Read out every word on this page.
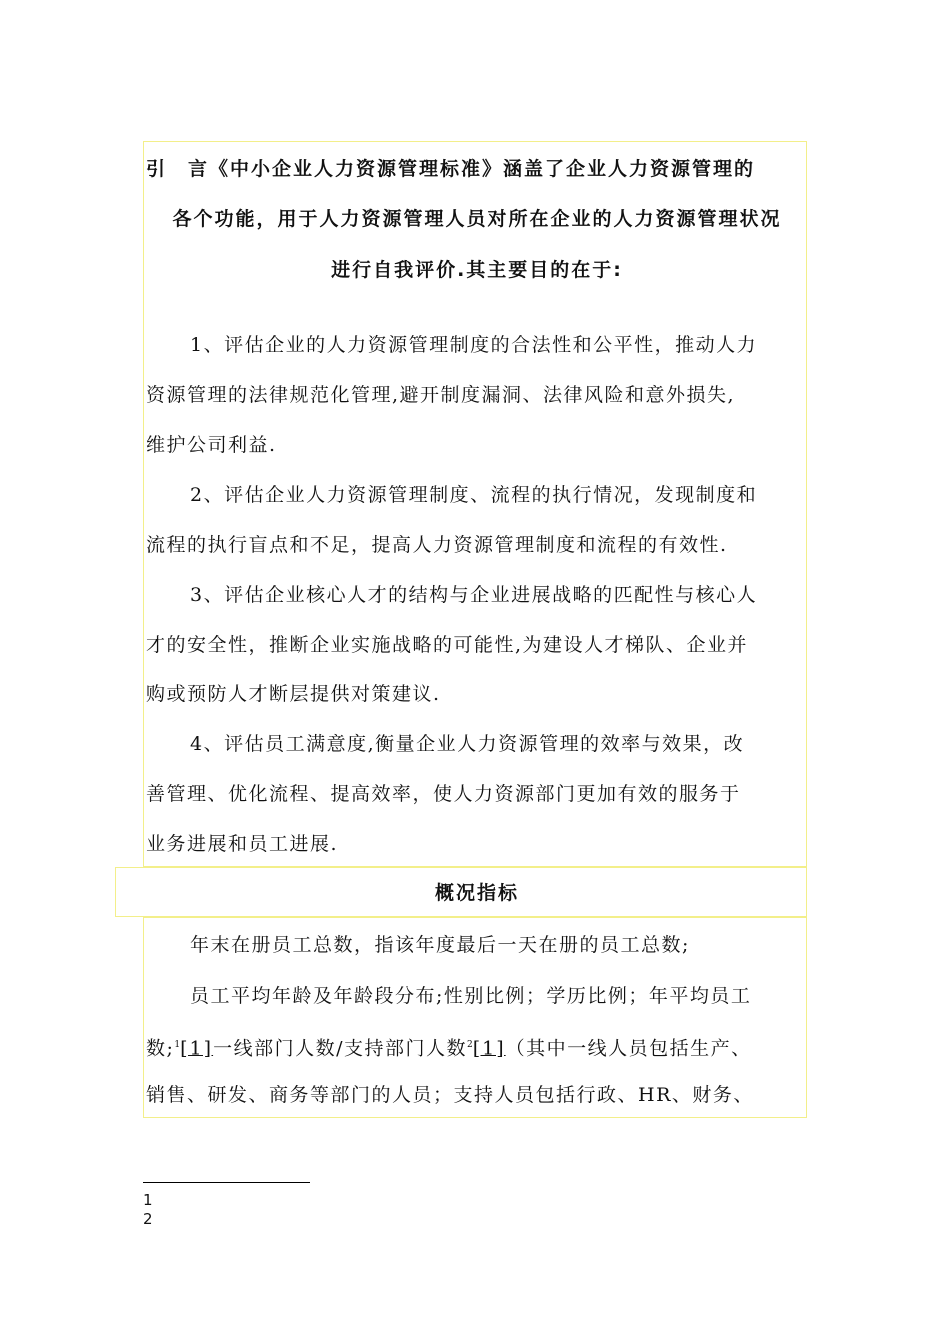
引　言《中小企业人力资源管理标准》涵盖了企业人力资源管理的
各个功能，用于人力资源管理人员对所在企业的人力资源管理状况
进行自我评价.其主要目的在于:
1、评估企业的人力资源管理制度的合法性和公平性，推动人力
资源管理的法律规范化管理,避开制度漏洞、法律风险和意外损失,
维护公司利益.
2、评估企业人力资源管理制度、流程的执行情况，发现制度和
流程的执行盲点和不足，提高人力资源管理制度和流程的有效性.
3、评估企业核心人才的结构与企业进展战略的匹配性与核心人
才的安全性，推断企业实施战略的可能性,为建设人才梯队、企业并
购或预防人才断层提供对策建议.
4、评估员工满意度,衡量企业人力资源管理的效率与效果，改
善管理、优化流程、提高效率，使人力资源部门更加有效的服务于
业务进展和员工进展.
概况指标
年末在册员工总数，指该年度最后一天在册的员工总数;
员工平均年龄及年龄段分布;性别比例；学历比例；年平均员工
数;$^1$[1]一线部门人数/支持部门人数$^2$[1]（其中一线人员包括生产、
销售、研发、商务等部门的人员；支持人员包括行政、HR、财务、
1
2
